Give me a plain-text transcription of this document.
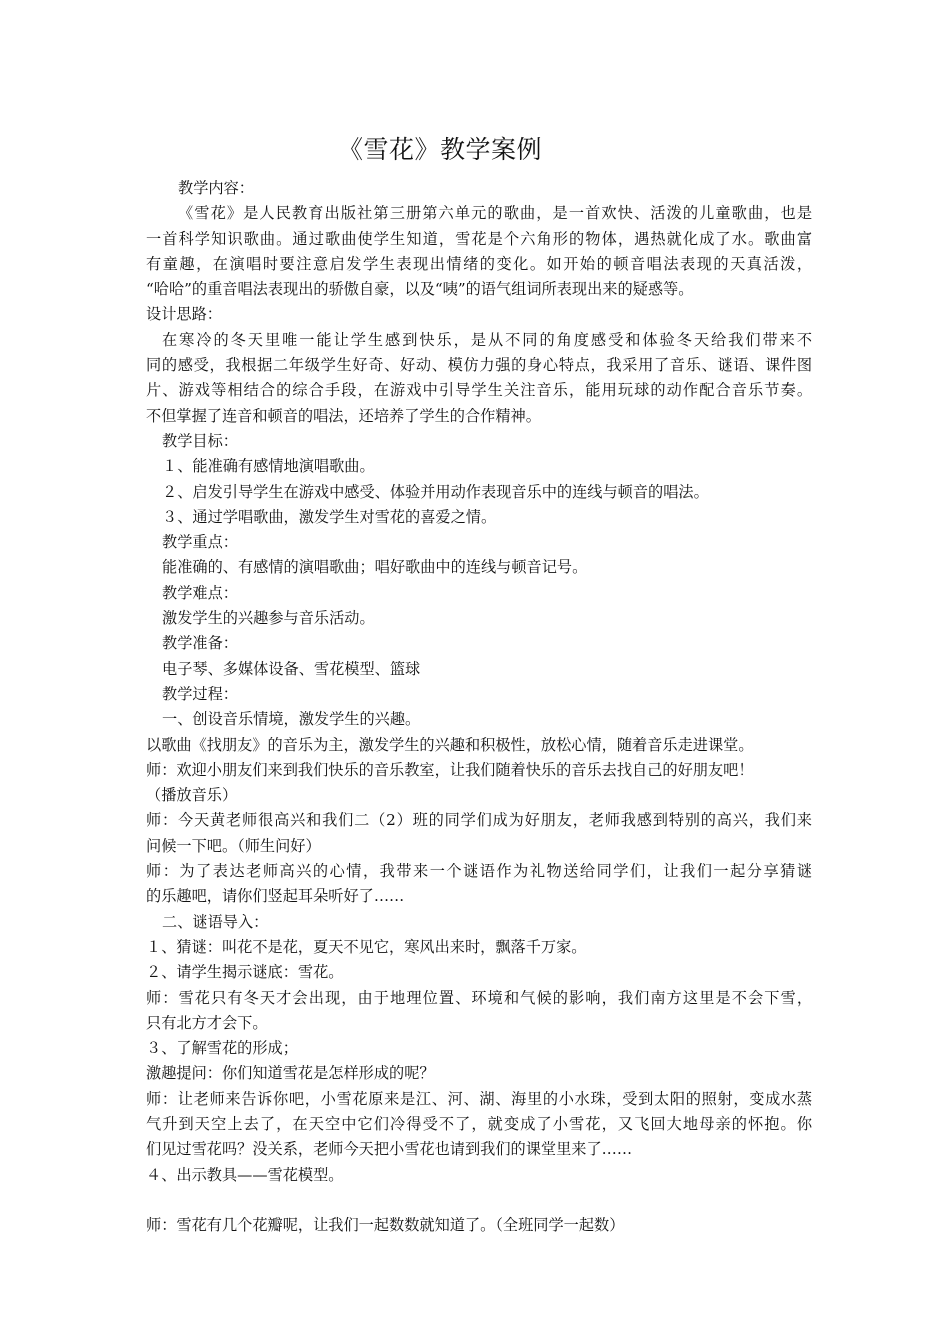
《雪花》教学案例
教学内容：
《雪花》是人民教育出版社第三册第六单元的歌曲，是一首欢快、活泼的儿童歌曲，也是
一首科学知识歌曲。通过歌曲使学生知道，雪花是个六角形的物体，遇热就化成了水。歌曲富
有童趣，在演唱时要注意启发学生表现出情绪的变化。如开始的顿音唱法表现的天真活泼，
“哈哈”的重音唱法表现出的骄傲自豪，以及“咦”的语气组词所表现出来的疑惑等。
设计思路：
在寒冷的冬天里唯一能让学生感到快乐，是从不同的角度感受和体验冬天给我们带来不
同的感受，我根据二年级学生好奇、好动、模仿力强的身心特点，我采用了音乐、谜语、课件图
片、游戏等相结合的综合手段，在游戏中引导学生关注音乐，能用玩球的动作配合音乐节奏。
不但掌握了连音和顿音的唱法，还培养了学生的合作精神。
教学目标：
１、能准确有感情地演唱歌曲。
２、启发引导学生在游戏中感受、体验并用动作表现音乐中的连线与顿音的唱法。
３、通过学唱歌曲，激发学生对雪花的喜爱之情。
教学重点：
能准确的、有感情的演唱歌曲；唱好歌曲中的连线与顿音记号。
教学难点：
激发学生的兴趣参与音乐活动。
教学准备：
电子琴、多媒体设备、雪花模型、篮球
教学过程：
一、创设音乐情境，激发学生的兴趣。
以歌曲《找朋友》的音乐为主，激发学生的兴趣和积极性，放松心情，随着音乐走进课堂。
师：欢迎小朋友们来到我们快乐的音乐教室，让我们随着快乐的音乐去找自己的好朋友吧！
（播放音乐）
师：今天黄老师很高兴和我们二（2）班的同学们成为好朋友，老师我感到特别的高兴，我们来
问候一下吧。（师生问好）
师：为了表达老师高兴的心情，我带来一个谜语作为礼物送给同学们，让我们一起分享猜谜
的乐趣吧，请你们竖起耳朵听好了……
二、谜语导入：
１、猜谜：叫花不是花，夏天不见它，寒风出来时，飘落千万家。
２、请学生揭示谜底：雪花。
师：雪花只有冬天才会出现，由于地理位置、环境和气候的影响，我们南方这里是不会下雪，
只有北方才会下。
３、了解雪花的形成；
激趣提问：你们知道雪花是怎样形成的呢？
师：让老师来告诉你吧，小雪花原来是江、河、湖、海里的小水珠，受到太阳的照射，变成水蒸
气升到天空上去了，在天空中它们冷得受不了，就变成了小雪花，又飞回大地母亲的怀抱。你
们见过雪花吗？没关系，老师今天把小雪花也请到我们的课堂里来了……
４、出示教具——雪花模型。
师：雪花有几个花瓣呢，让我们一起数数就知道了。（全班同学一起数）
